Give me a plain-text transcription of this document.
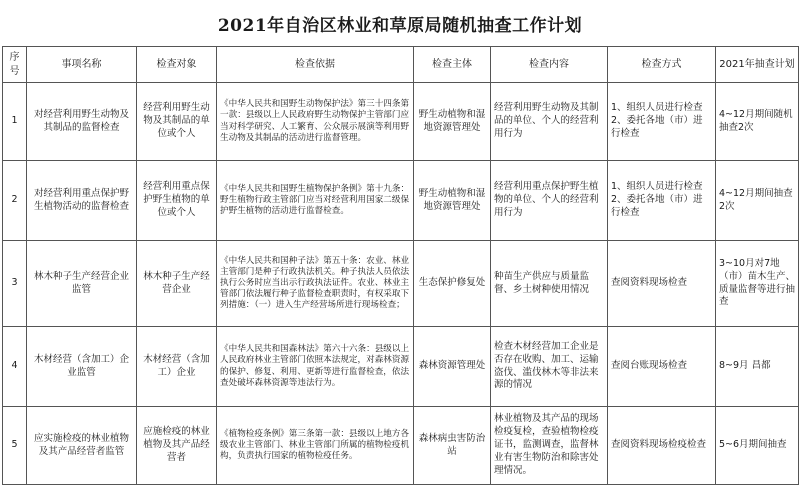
2021年自治区林业和草原局随机抽查工作计划
序号	事项名称	检查对象	检查依据	检查主体	检查内容	检查方式	2021年抽查计划
1	对经营利用野生动物及其制品的监督检查	经营利用野生动物及其制品的单位或个人	《中华人民共和国野生动物保护法》第三十四条第一款：县级以上人民政府野生动物保护主管部门应当对科学研究、人工繁育、公众展示展演等利用野生动物及其制品的活动进行监督管理。	野生动植物和湿地资源管理处	经营利用野生动物及其制品的单位、个人的经营利用行为	1、组织人员进行检查2、委托各地（市）进行检查	4~12月期间随机抽查2次
2	对经营利用重点保护野生植物活动的监督检查	经营利用重点保护野生植物的单位或个人	《中华人民共和国野生植物保护条例》第十九条：野生植物行政主管部门应当对经营利用国家二级保护野生植物的活动进行监督检查。	野生动植物和湿地资源管理处	经营利用重点保护野生植物的单位、个人的经营利用行为	1、组织人员进行检查2、委托各地（市）进行检查	4~12月期间抽查2次
3	林木种子生产经营企业监管	林木种子生产经营企业	《中华人民共和国种子法》第五十条：农业、林业主管部门是种子行政执法机关。种子执法人员依法执行公务时应当出示行政执法证件。农业、林业主管部门依法履行种子监督检查职责时，有权采取下列措施：（一）进入生产经营场所进行现场检查；	生态保护修复处	种苗生产供应与质量监督、乡土树种使用情况	查阅资料现场检查	3~10月对7地（市）苗木生产、质量监督等进行抽查
4	木材经营（含加工）企业监管	木材经营（含加工）企业	《中华人民共和国森林法》第六十六条：县级以上人民政府林业主管部门依照本法规定，对森林资源的保护、修复、利用、更新等进行监督检查，依法查处破坏森林资源等违法行为。	森林资源管理处	检查木材经营加工企业是否存在收购、加工、运输盗伐、滥伐林木等非法来源的情况	查阅台账现场检查	8~9月 昌都
5	应实施检疫的林业植物及其产品经营者监管	应施检疫的林业植物及其产品经营者	《植物检疫条例》第三条第一款：县级以上地方各级农业主管部门、林业主管部门所属的植物检疫机构，负责执行国家的植物检疫任务。	森林病虫害防治站	林业植物及其产品的现场检疫复检，查验植物检疫证书，监测调查，监督林业有害生物防治和除害处理情况。	查阅资料现场检疫检查	5~6月期间抽查
